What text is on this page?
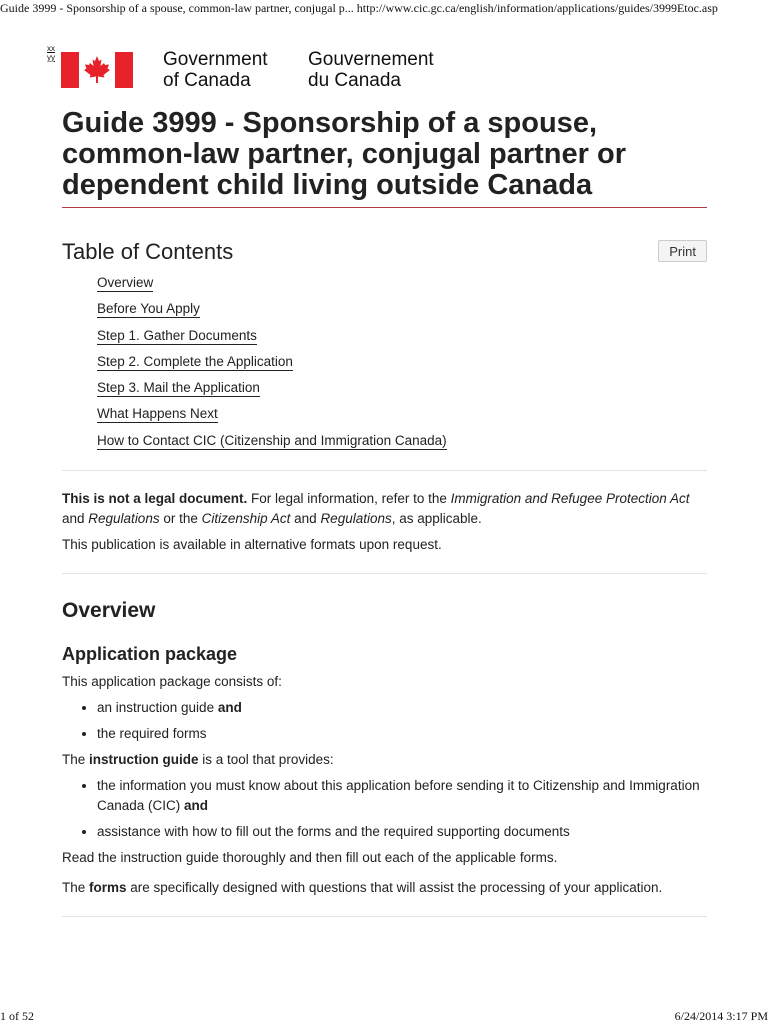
Guide 3999 - Sponsorship of a spouse, common-law partner, conjugal p... http://www.cic.gc.ca/english/information/applications/guides/3999Etoc.asp
xx
yy	Government
of Canada
Gouvernement
du Canada
Guide 3999 - Sponsorship of a spouse, common-law partner, conjugal partner or dependent child living outside Canada
Table of Contents	Print
Overview
Before You Apply
Step 1. Gather Documents
Step 2. Complete the Application
Step 3. Mail the Application
What Happens Next
How to Contact CIC (Citizenship and Immigration Canada)

This is not a legal document. For legal information, refer to the Immigration and Refugee Protection Act and Regulations or the Citizenship Act and Regulations, as applicable.

This publication is available in alternative formats upon request.

Overview
Application package

This application package consists of:

• an instruction guide and
• the required forms

The instruction guide is a tool that provides:

• the information you must know about this application before sending it to Citizenship and Immigration Canada (CIC) and
• assistance with how to fill out the forms and the required supporting documents

Read the instruction guide thoroughly and then fill out each of the applicable forms.

The forms are specifically designed with questions that will assist the processing of your application.

1 of 52	6/24/2014 3:17 PM
